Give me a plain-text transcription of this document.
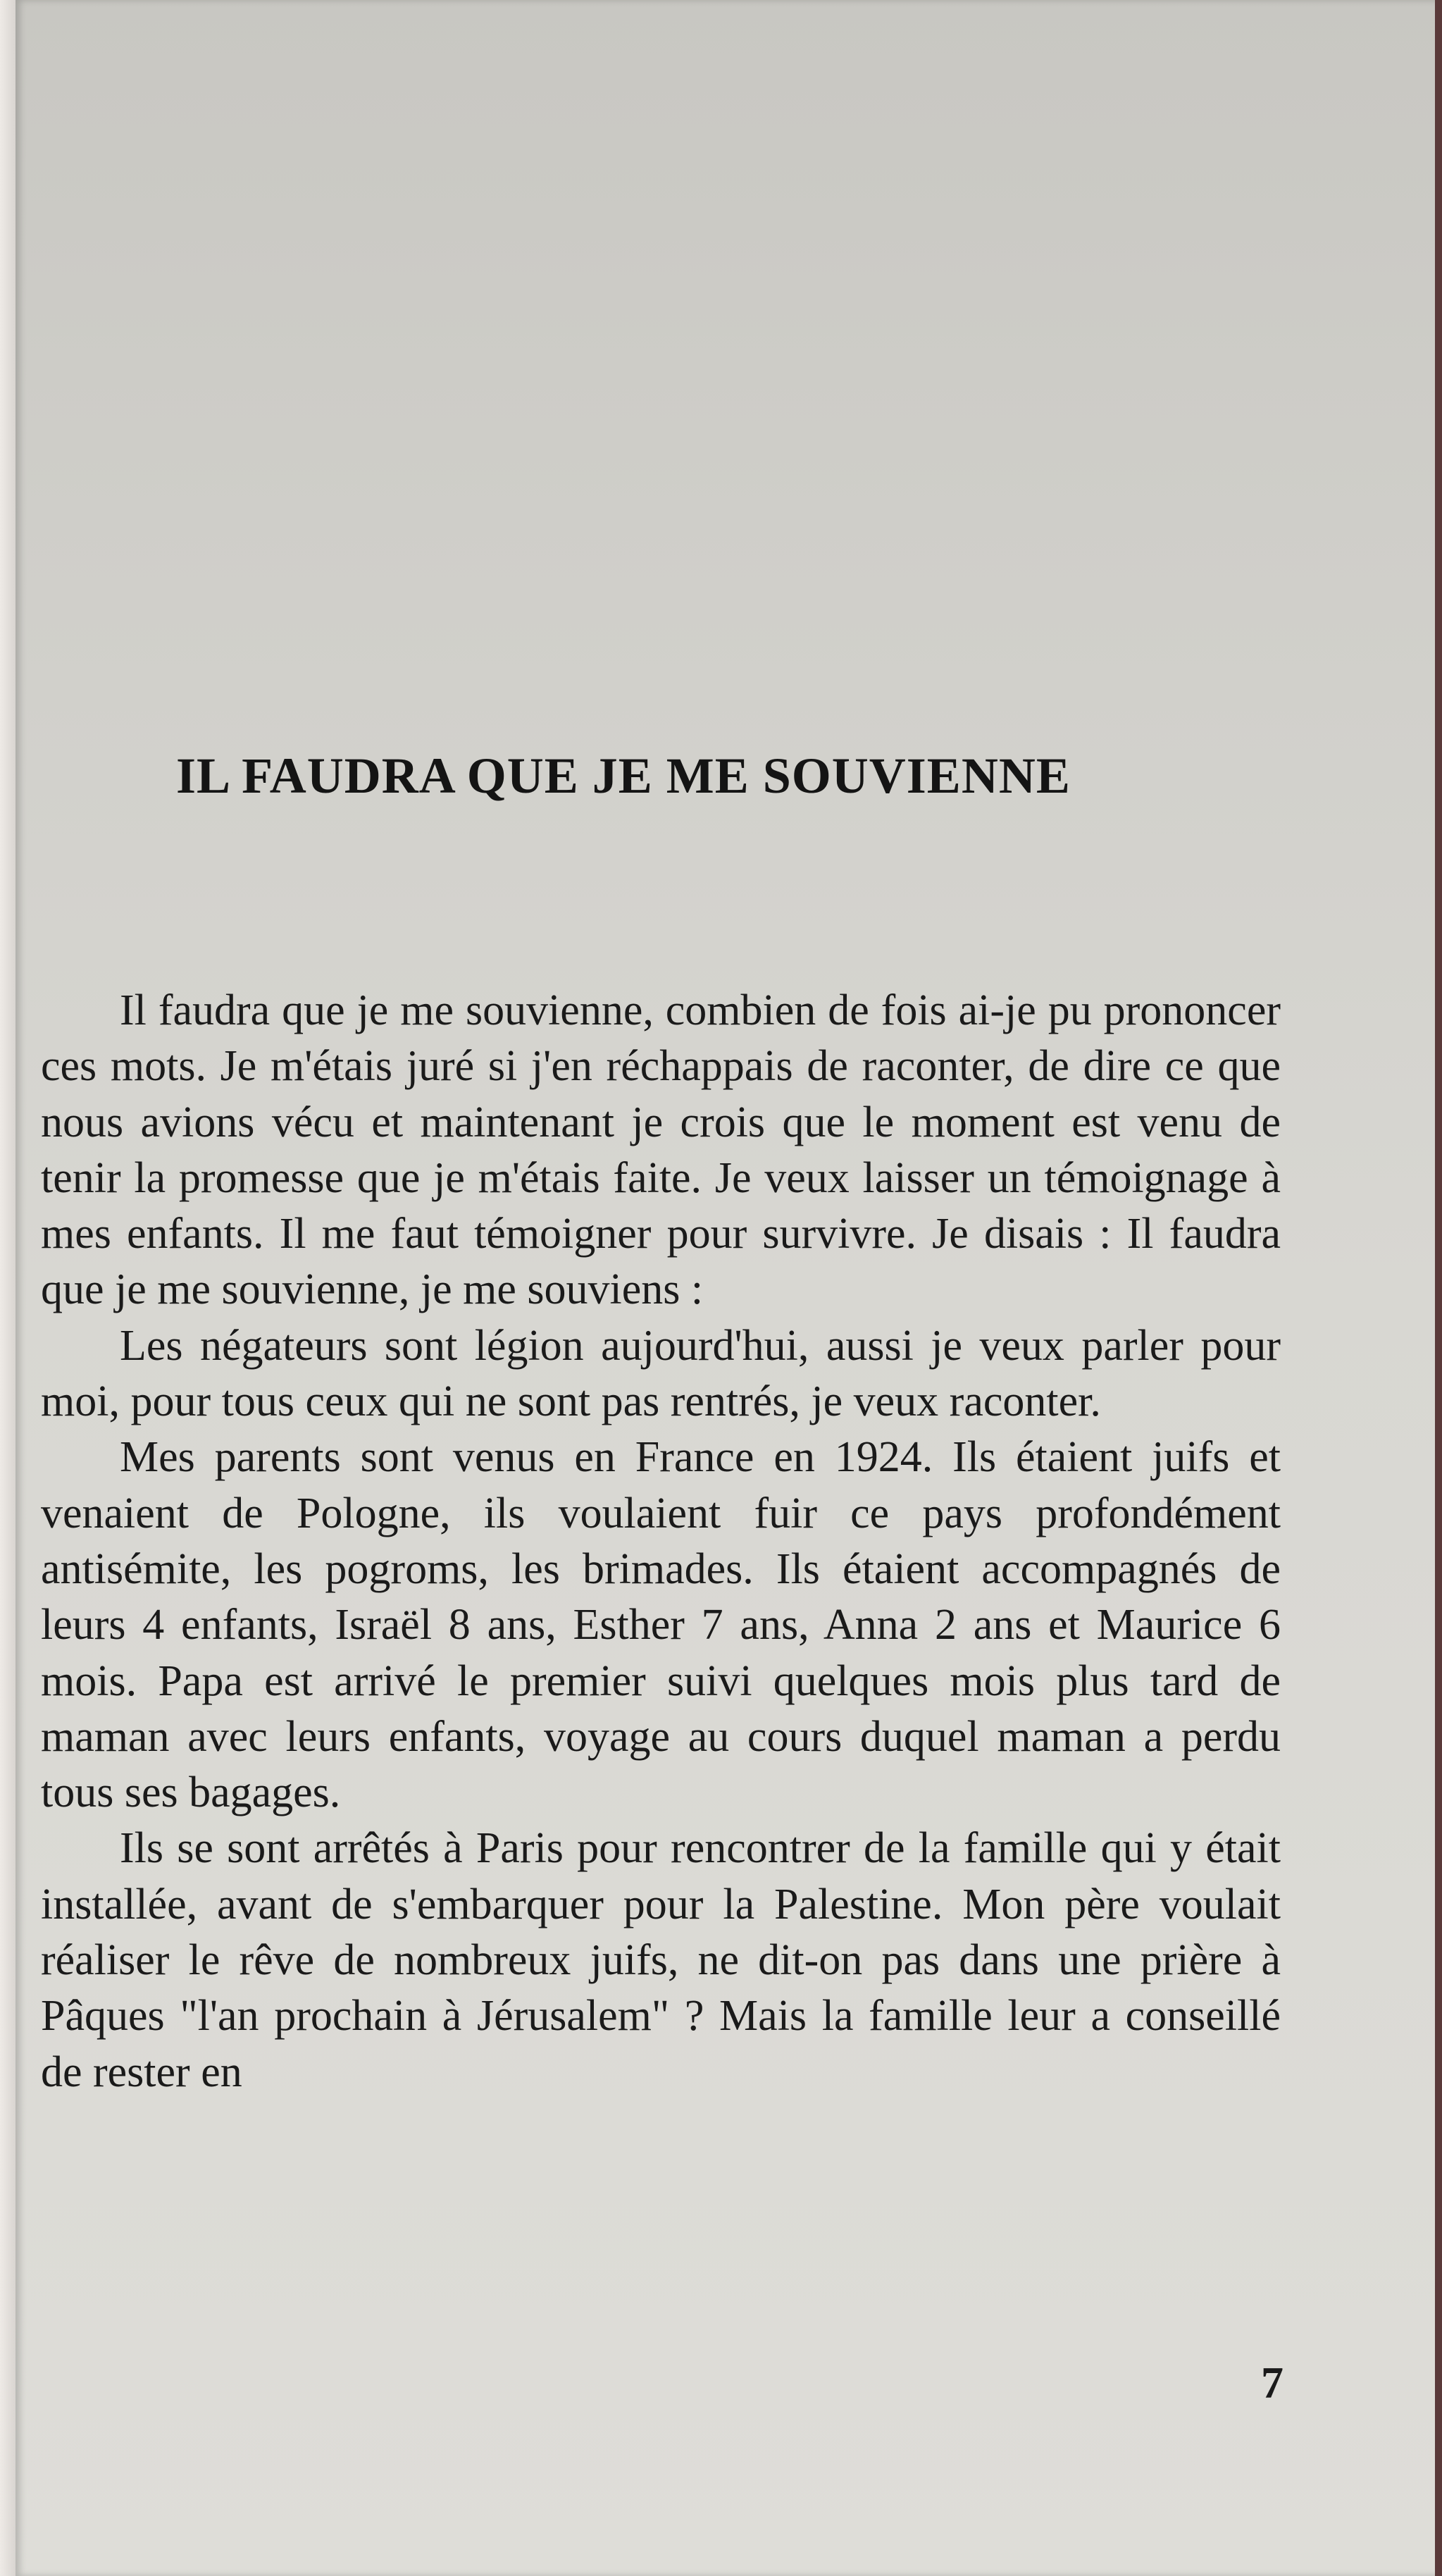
IL FAUDRA QUE JE ME SOUVIENNE

Il faudra que je me souvienne, combien de fois ai-je pu prononcer ces mots. Je m'étais juré si j'en réchappais de raconter, de dire ce que nous avions vécu et maintenant je crois que le moment est venu de tenir la promesse que je m'étais faite. Je veux laisser un témoignage à mes enfants. Il me faut témoigner pour survivre. Je disais : Il faudra que je me souvienne, je me souviens :

Les négateurs sont légion aujourd'hui, aussi je veux parler pour moi, pour tous ceux qui ne sont pas rentrés, je veux raconter.

Mes parents sont venus en France en 1924. Ils étaient juifs et venaient de Pologne, ils voulaient fuir ce pays profondément antisémite, les pogroms, les brimades. Ils étaient accompagnés de leurs 4 enfants, Israël 8 ans, Esther 7 ans, Anna 2 ans et Maurice 6 mois. Papa est arrivé le premier suivi quelques mois plus tard de maman avec leurs enfants, voyage au cours duquel maman a perdu tous ses bagages.

Ils se sont arrêtés à Paris pour rencontrer de la famille qui y était installée, avant de s'embarquer pour la Palestine. Mon père voulait réaliser le rêve de nombreux juifs, ne dit-on pas dans une prière à Pâques "l'an prochain à Jérusalem" ? Mais la famille leur a conseillé de rester en

7
